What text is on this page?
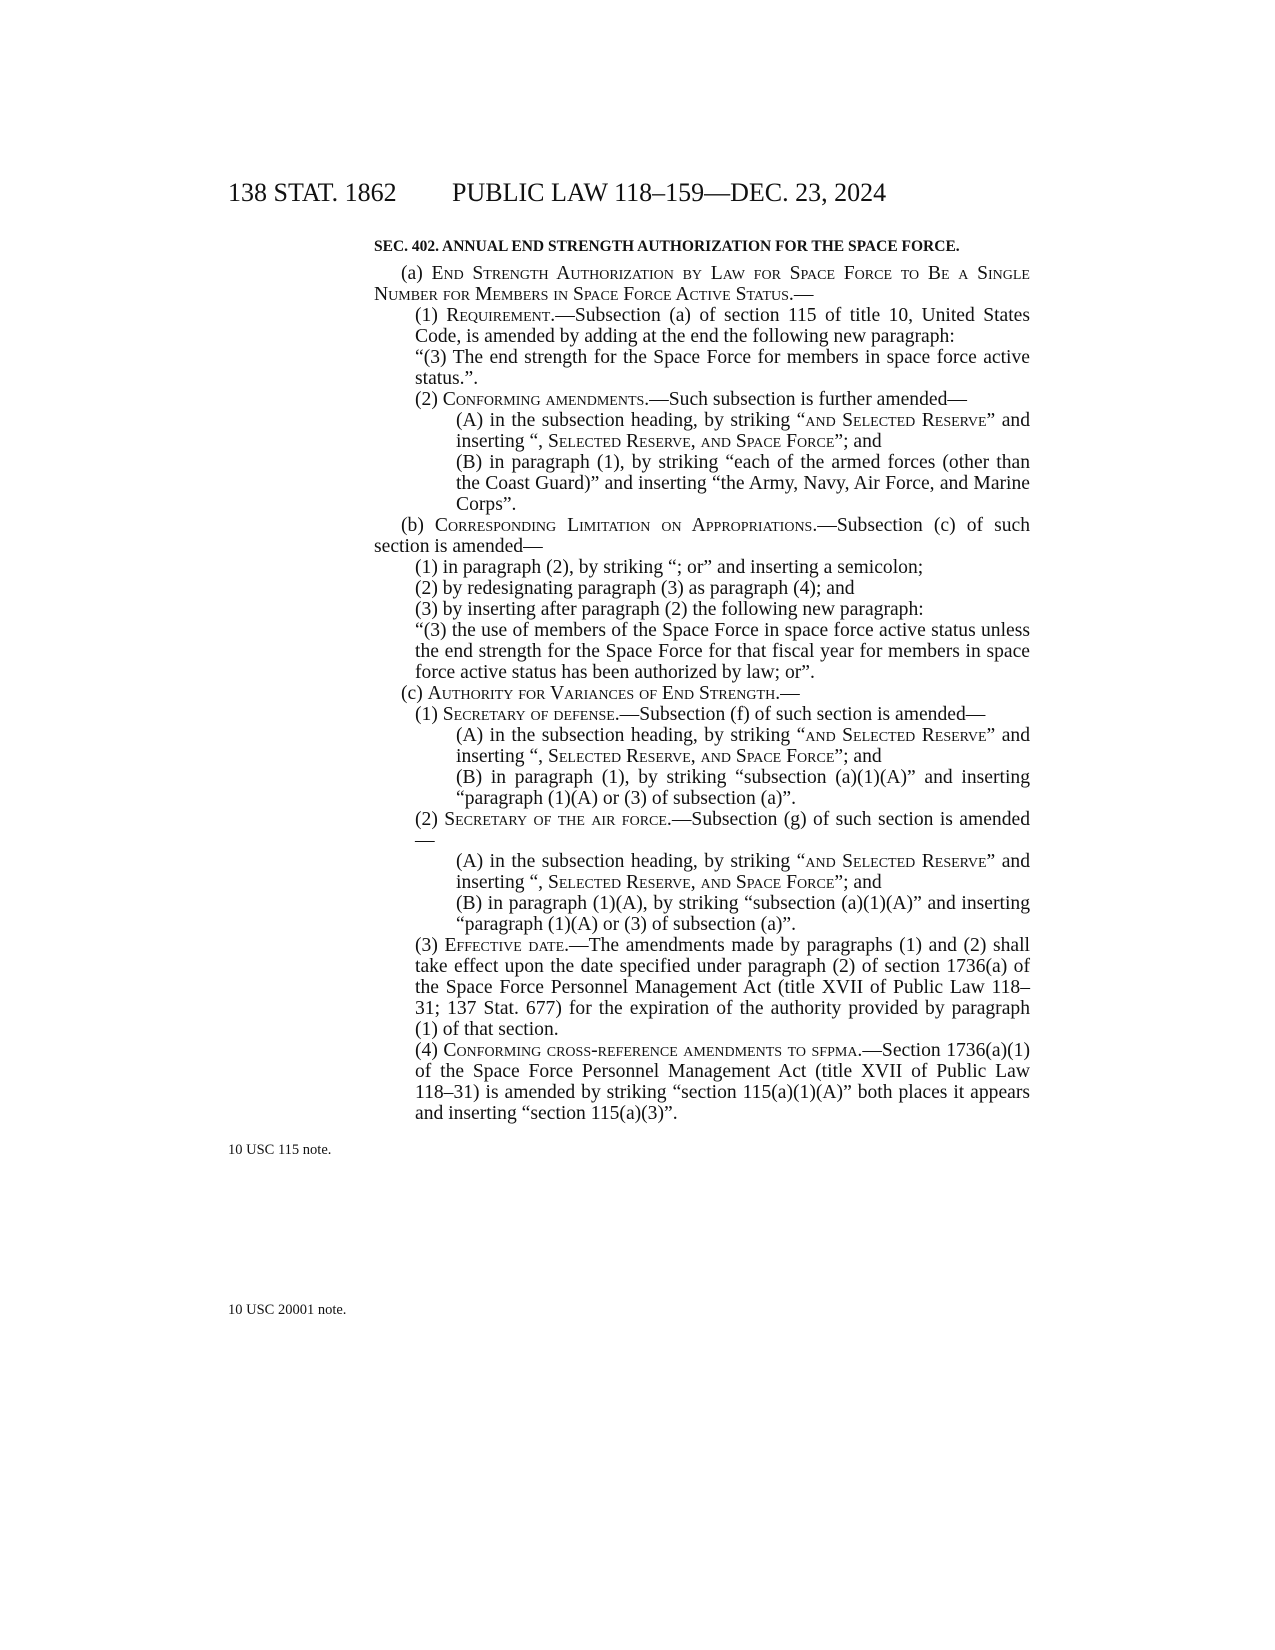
138 STAT. 1862 PUBLIC LAW 118–159—DEC. 23, 2024

SEC. 402. ANNUAL END STRENGTH AUTHORIZATION FOR THE SPACE FORCE.

(a) End Strength Authorization by Law for Space Force to Be a Single Number for Members in Space Force Active Status.—

(1) Requirement.—Subsection (a) of section 115 of title 10, United States Code, is amended by adding at the end the following new paragraph:

“(3) The end strength for the Space Force for members in space force active status.”.

(2) Conforming amendments.—Such subsection is further amended—

(A) in the subsection heading, by striking “and Selected Reserve” and inserting “, Selected Reserve, and Space Force”; and

(B) in paragraph (1), by striking “each of the armed forces (other than the Coast Guard)” and inserting “the Army, Navy, Air Force, and Marine Corps”.

(b) Corresponding Limitation on Appropriations.—Subsection (c) of such section is amended—

(1) in paragraph (2), by striking “; or” and inserting a semicolon;

(2) by redesignating paragraph (3) as paragraph (4); and

(3) by inserting after paragraph (2) the following new paragraph:

“(3) the use of members of the Space Force in space force active status unless the end strength for the Space Force for that fiscal year for members in space force active status has been authorized by law; or”.

(c) Authority for Variances of End Strength.—

(1) Secretary of defense.—Subsection (f) of such section is amended—

(A) in the subsection heading, by striking “and Selected Reserve” and inserting “, Selected Reserve, and Space Force”; and

(B) in paragraph (1), by striking “subsection (a)(1)(A)” and inserting “paragraph (1)(A) or (3) of subsection (a)”.

(2) Secretary of the air force.—Subsection (g) of such section is amended—

(A) in the subsection heading, by striking “and Selected Reserve” and inserting “, Selected Reserve, and Space Force”; and

(B) in paragraph (1)(A), by striking “subsection (a)(1)(A)” and inserting “paragraph (1)(A) or (3) of subsection (a)”.

(3) Effective date.—The amendments made by paragraphs (1) and (2) shall take effect upon the date specified under paragraph (2) of section 1736(a) of the Space Force Personnel Management Act (title XVII of Public Law 118–31; 137 Stat. 677) for the expiration of the authority provided by paragraph (1) of that section.

(4) Conforming cross-reference amendments to sfpma.—Section 1736(a)(1) of the Space Force Personnel Management Act (title XVII of Public Law 118–31) is amended by striking “section 115(a)(1)(A)” both places it appears and inserting “section 115(a)(3)”.

10 USC 115 note.
10 USC 20001 note.
